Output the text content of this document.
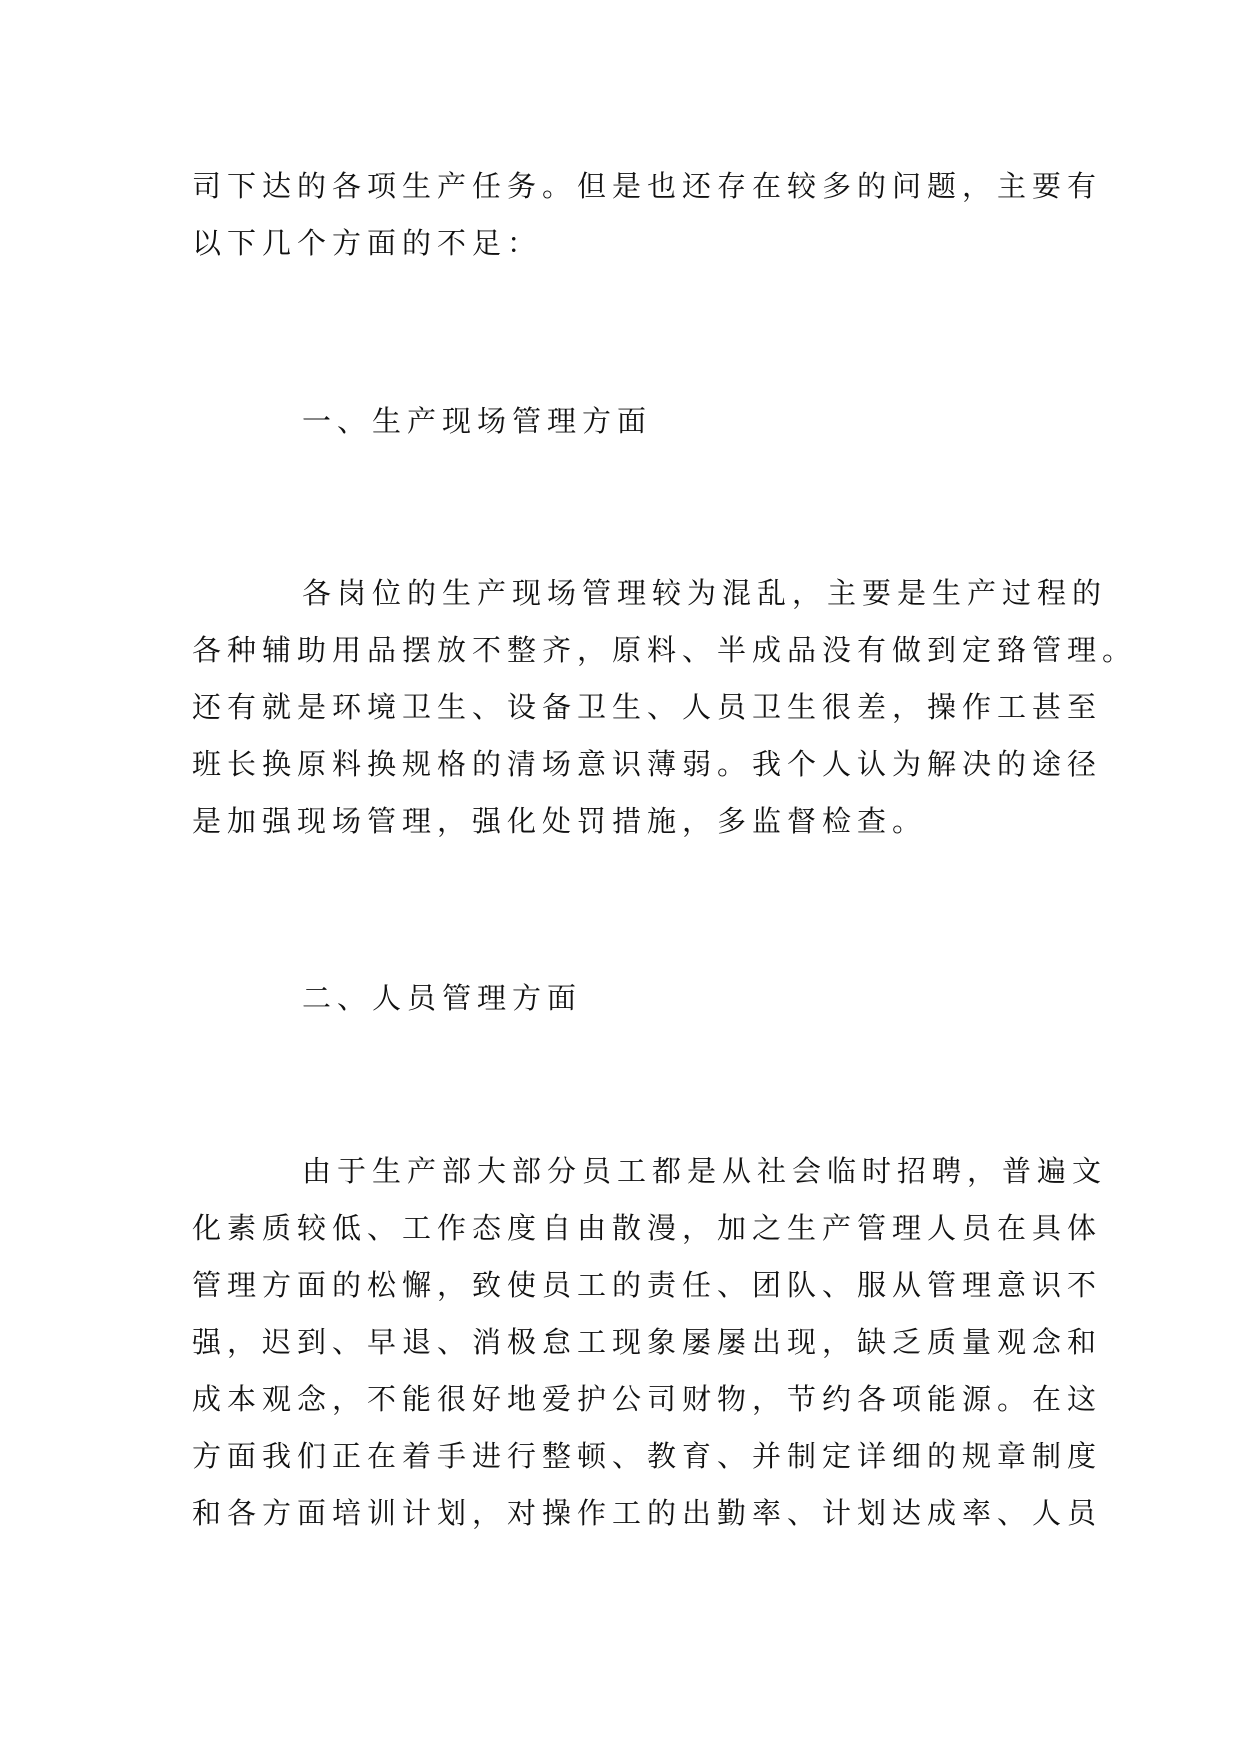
司下达的各项生产任务。但是也还存在较多的问题，主要有
以下几个方面的不足：
一、生产现场管理方面
各岗位的生产现场管理较为混乱，主要是生产过程的
各种辅助用品摆放不整齐，原料、半成品没有做到定臵管理。
还有就是环境卫生、设备卫生、人员卫生很差，操作工甚至
班长换原料换规格的清场意识薄弱。我个人认为解决的途径
是加强现场管理，强化处罚措施，多监督检查。
二、人员管理方面
由于生产部大部分员工都是从社会临时招聘，普遍文
化素质较低、工作态度自由散漫，加之生产管理人员在具体
管理方面的松懈，致使员工的责任、团队、服从管理意识不
强，迟到、早退、消极怠工现象屡屡出现，缺乏质量观念和
成本观念，不能很好地爱护公司财物，节约各项能源。在这
方面我们正在着手进行整顿、教育、并制定详细的规章制度
和各方面培训计划，对操作工的出勤率、计划达成率、人员
